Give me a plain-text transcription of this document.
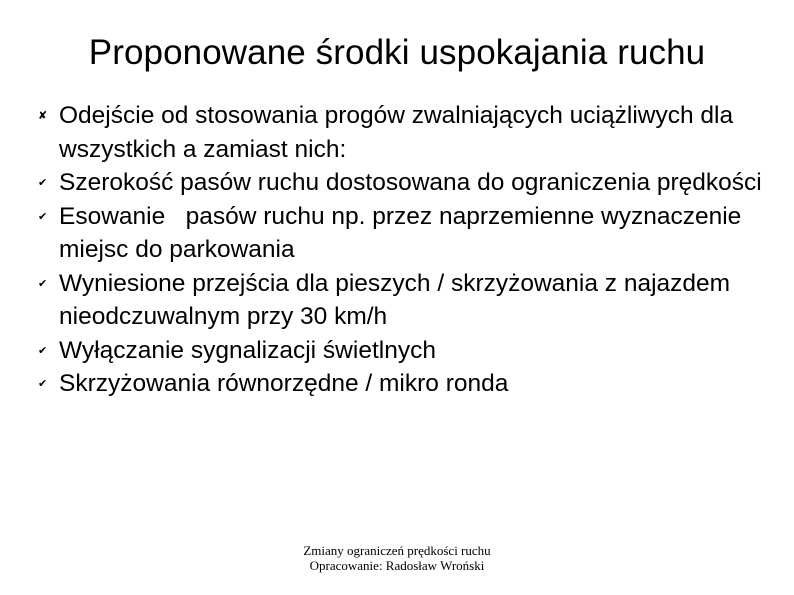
Proponowane środki uspokajania ruchu
✘ Odejście od stosowania progów zwalniających uciążliwych dla wszystkich a zamiast nich:
✔ Szerokość pasów ruchu dostosowana do ograniczenia prędkości
✔ Esowanie   pasów ruchu np. przez naprzemienne wyznaczenie miejsc do parkowania
✔ Wyniesione przejścia dla pieszych / skrzyżowania z najazdem nieodczuwalnym przy 30 km/h
✔ Wyłączanie sygnalizacji świetlnych
✔ Skrzyżowania równorzędne / mikro ronda
Zmiany ograniczeń prędkości ruchu
Opracowanie: Radosław Wroński
